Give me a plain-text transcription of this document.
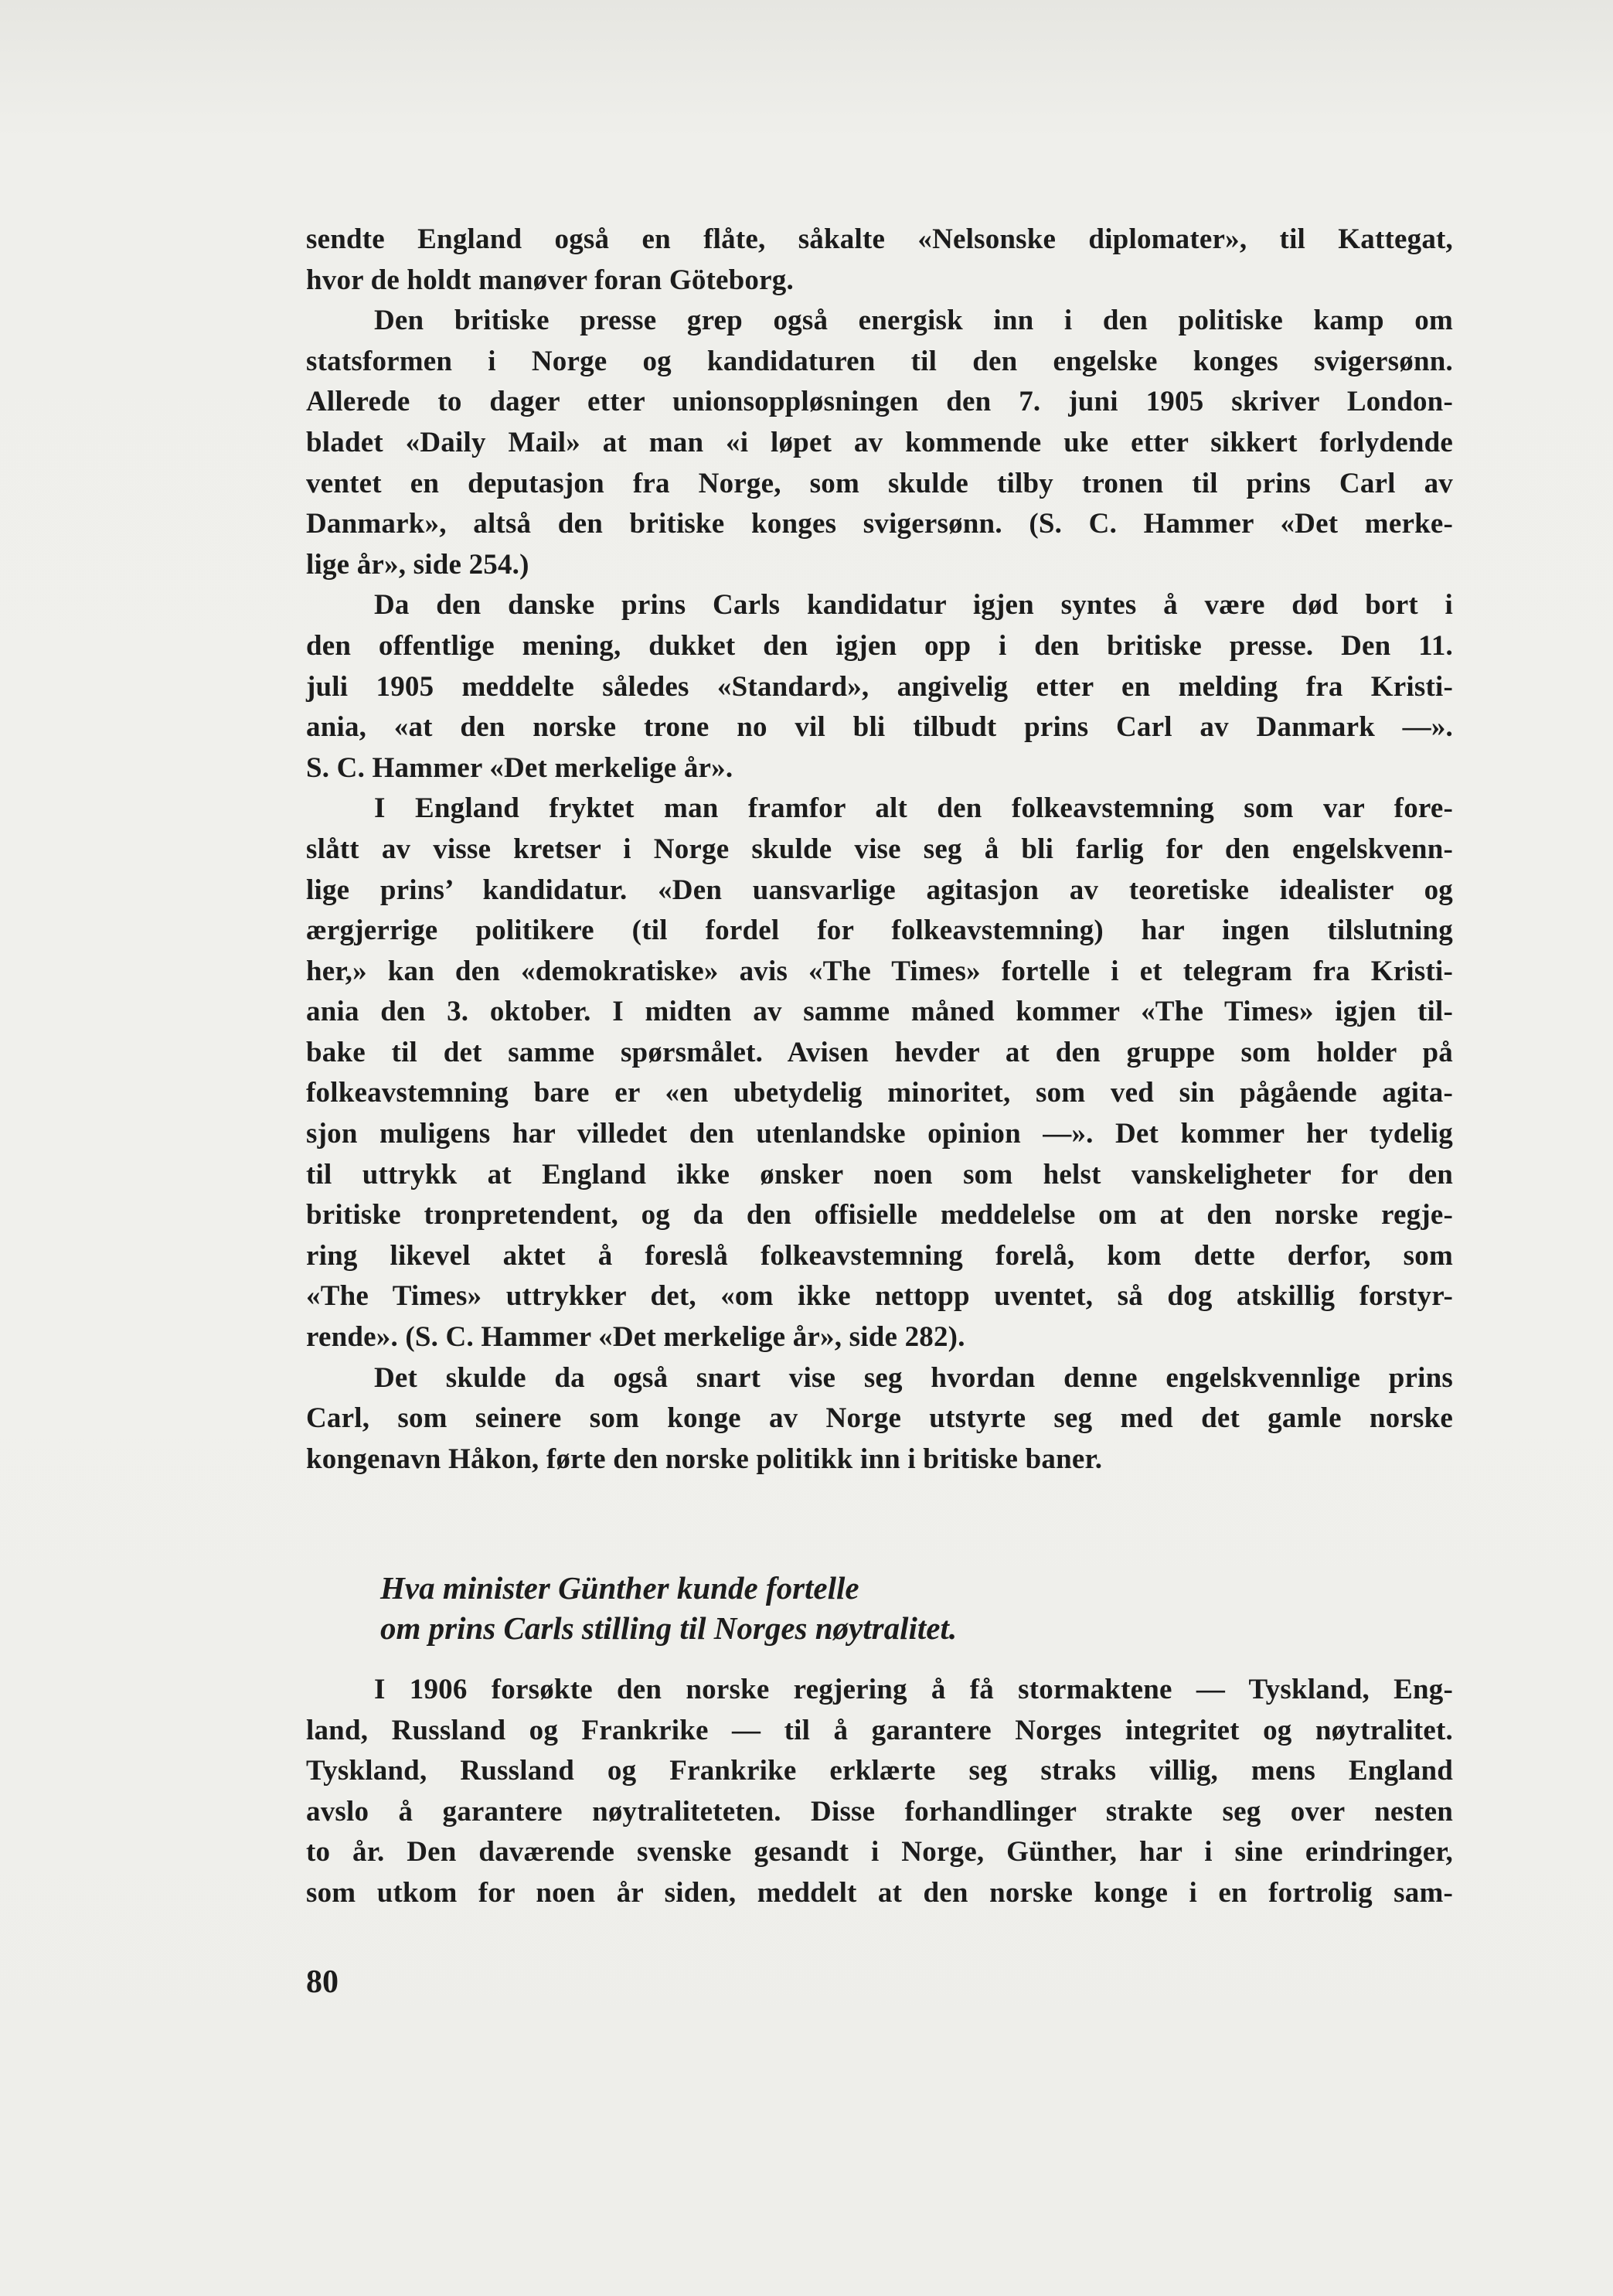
sendte England også en flåte, såkalte «Nelsonske diplomater», til Kattegat,
hvor de holdt manøver foran Göteborg.
Den britiske presse grep også energisk inn i den politiske kamp om
statsformen i Norge og kandidaturen til den engelske konges svigersønn.
Allerede to dager etter unionsoppløsningen den 7. juni 1905 skriver London-
bladet «Daily Mail» at man «i løpet av kommende uke etter sikkert forlydende
ventet en deputasjon fra Norge, som skulde tilby tronen til prins Carl av
Danmark», altså den britiske konges svigersønn. (S. C. Hammer «Det merke-
lige år», side 254.)
Da den danske prins Carls kandidatur igjen syntes å være død bort i
den offentlige mening, dukket den igjen opp i den britiske presse. Den 11.
juli 1905 meddelte således «Standard», angivelig etter en melding fra Kristi-
ania, «at den norske trone no vil bli tilbudt prins Carl av Danmark —».
S. C. Hammer «Det merkelige år».
I England fryktet man framfor alt den folkeavstemning som var fore-
slått av visse kretser i Norge skulde vise seg å bli farlig for den engelskvenn-
lige prins’ kandidatur. «Den uansvarlige agitasjon av teoretiske idealister og
ærgjerrige politikere (til fordel for folkeavstemning) har ingen tilslutning
her,» kan den «demokratiske» avis «The Times» fortelle i et telegram fra Kristi-
ania den 3. oktober. I midten av samme måned kommer «The Times» igjen til-
bake til det samme spørsmålet. Avisen hevder at den gruppe som holder på
folkeavstemning bare er «en ubetydelig minoritet, som ved sin pågående agita-
sjon muligens har villedet den utenlandske opinion —». Det kommer her tydelig
til uttrykk at England ikke ønsker noen som helst vanskeligheter for den
britiske tronpretendent, og da den offisielle meddelelse om at den norske regje-
ring likevel aktet å foreslå folkeavstemning forelå, kom dette derfor, som
«The Times» uttrykker det, «om ikke nettopp uventet, så dog atskillig forstyr-
rende». (S. C. Hammer «Det merkelige år», side 282).
Det skulde da også snart vise seg hvordan denne engelskvennlige prins
Carl, som seinere som konge av Norge utstyrte seg med det gamle norske
kongenavn Håkon, førte den norske politikk inn i britiske baner.
Hva minister Günther kunde fortelle
om prins Carls stilling til Norges nøytralitet.
I 1906 forsøkte den norske regjering å få stormaktene — Tyskland, Eng-
land, Russland og Frankrike — til å garantere Norges integritet og nøytralitet.
Tyskland, Russland og Frankrike erklærte seg straks villig, mens England
avslo å garantere nøytraliteteten. Disse forhandlinger strakte seg over nesten
to år. Den daværende svenske gesandt i Norge, Günther, har i sine erindringer,
som utkom for noen år siden, meddelt at den norske konge i en fortrolig sam-
80
